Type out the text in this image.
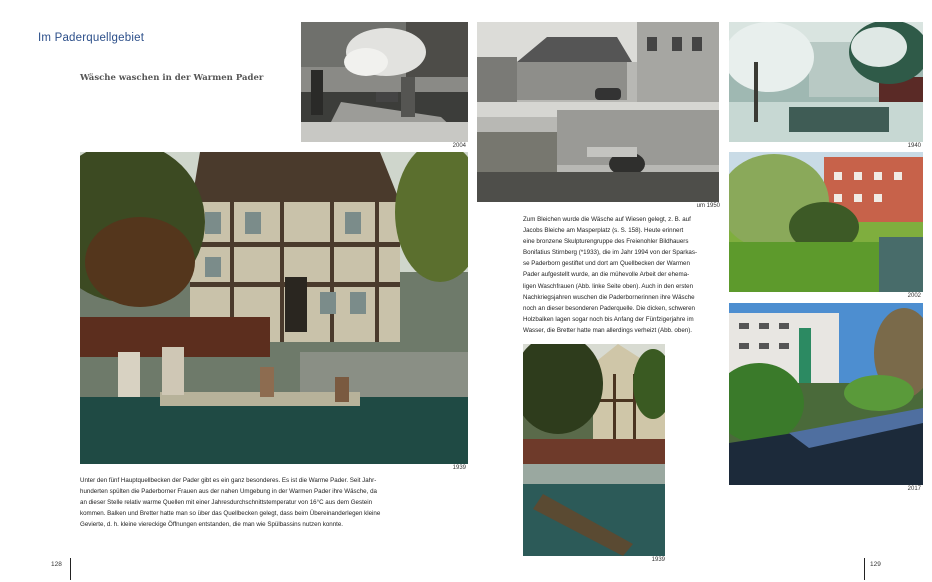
Im Paderquellgebiet
Wäsche waschen in der Warmen Pader
2004
um 1950
1940
1939
2002
1939
2017
Zum Bleichen wurde die Wäsche auf Wiesen gelegt, z. B. auf
Jacobs Bleiche am Masperplatz (s. S. 158). Heute erinnert
eine bronzene Skulpturengruppe des Freienohler Bildhauers
Bonifatius Stirnberg (*1933), die im Jahr 1994 von der Sparkas-
se Paderborn gestiftet und dort am Quellbecken der Warmen
Pader aufgestellt wurde, an die mühevolle Arbeit der ehema-
ligen Waschfrauen (Abb. linke Seite oben). Auch in den ersten
Nachkriegsjahren wuschen die Paderbornerinnen ihre Wäsche
noch an dieser besonderen Paderquelle. Die dicken, schweren
Holzbalken lagen sogar noch bis Anfang der Fünfzigerjahre im
Wasser, die Bretter hatte man allerdings verheizt (Abb. oben).
Unter den fünf Hauptquellbecken der Pader gibt es ein ganz besonderes. Es ist die Warme Pader. Seit Jahr-
hunderten spülten die Paderborner Frauen aus der nahen Umgebung in der Warmen Pader ihre Wäsche, da
an dieser Stelle relativ warme Quellen mit einer Jahresdurchschnittstemperatur von 16°C aus dem Gestein
kommen. Balken und Bretter hatte man so über das Quellbecken gelegt, dass beim Übereinanderlegen kleine
Gevierte, d. h. kleine viereckige Öffnungen entstanden, die man wie Spülbassins nutzen konnte.
128	129
